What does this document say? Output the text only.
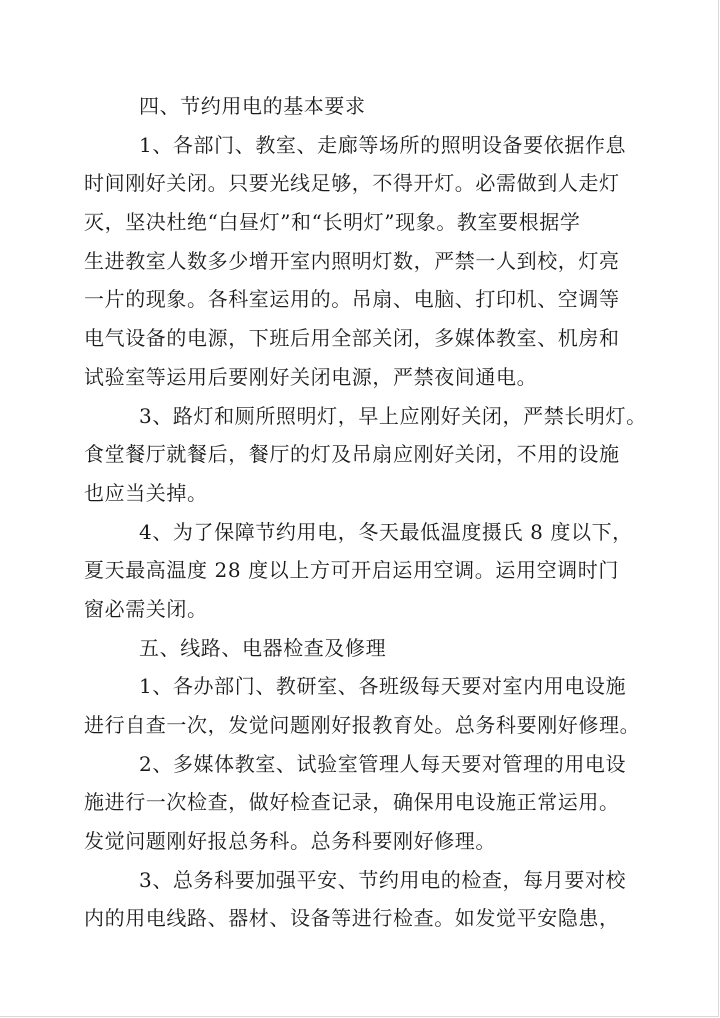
四、节约用电的基本要求
1、各部门、教室、走廊等场所的照明设备要依据作息
时间刚好关闭。只要光线足够，不得开灯。必需做到人走灯
灭，坚决杜绝“白昼灯”和“长明灯”现象。教室要根据学
生进教室人数多少增开室内照明灯数，严禁一人到校，灯亮
一片的现象。各科室运用的。吊扇、电脑、打印机、空调等
电气设备的电源，下班后用全部关闭，多媒体教室、机房和
试验室等运用后要刚好关闭电源，严禁夜间通电。
3、路灯和厕所照明灯，早上应刚好关闭，严禁长明灯。
食堂餐厅就餐后，餐厅的灯及吊扇应刚好关闭，不用的设施
也应当关掉。
4、为了保障节约用电，冬天最低温度摄氏 8 度以下，
夏天最高温度 28 度以上方可开启运用空调。运用空调时门
窗必需关闭。
五、线路、电器检查及修理
1、各办部门、教研室、各班级每天要对室内用电设施
进行自查一次，发觉问题刚好报教育处。总务科要刚好修理。
2、多媒体教室、试验室管理人每天要对管理的用电设
施进行一次检查，做好检查记录，确保用电设施正常运用。
发觉问题刚好报总务科。总务科要刚好修理。
3、总务科要加强平安、节约用电的检查，每月要对校
内的用电线路、器材、设备等进行检查。如发觉平安隐患，
